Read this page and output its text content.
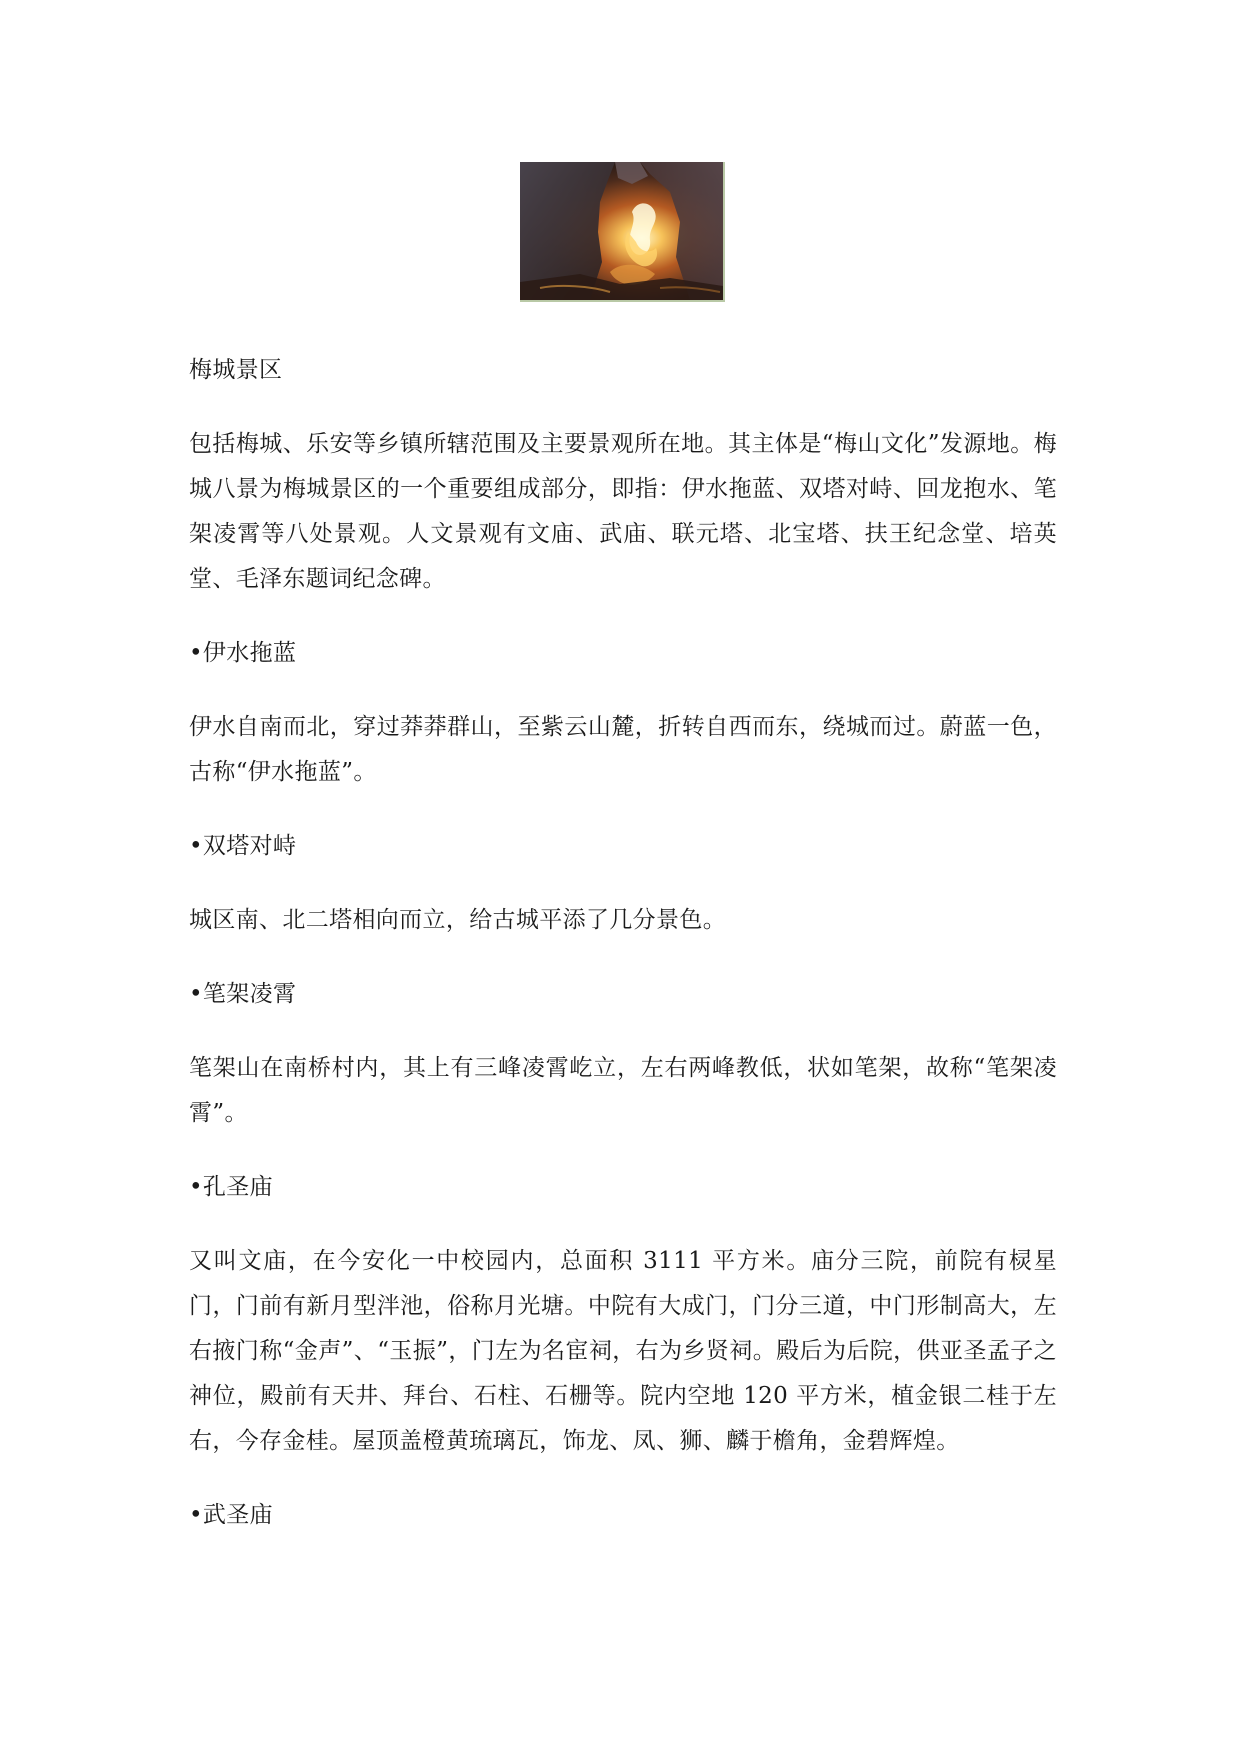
梅城景区

包括梅城、乐安等乡镇所辖范围及主要景观所在地。其主体是“梅山文化”发源地。梅城八景为梅城景区的一个重要组成部分，即指：伊水拖蓝、双塔对峙、回龙抱水、笔架凌霄等八处景观。人文景观有文庙、武庙、联元塔、北宝塔、扶王纪念堂、培英堂、毛泽东题词纪念碑。

•伊水拖蓝

伊水自南而北，穿过莽莽群山，至紫云山麓，折转自西而东，绕城而过。蔚蓝一色，古称“伊水拖蓝”。

•双塔对峙

城区南、北二塔相向而立，给古城平添了几分景色。

•笔架凌霄

笔架山在南桥村内，其上有三峰凌霄屹立，左右两峰教低，状如笔架，故称“笔架凌霄”。

•孔圣庙

又叫文庙，在今安化一中校园内，总面积 3111 平方米。庙分三院，前院有棂星门，门前有新月型泮池，俗称月光塘。中院有大成门，门分三道，中门形制高大，左右掖门称“金声”、“玉振”，门左为名宦祠，右为乡贤祠。殿后为后院，供亚圣孟子之神位，殿前有天井、拜台、石柱、石栅等。院内空地 120 平方米，植金银二桂于左右，今存金桂。屋顶盖橙黄琉璃瓦，饰龙、凤、狮、麟于檐角，金碧辉煌。

•武圣庙
